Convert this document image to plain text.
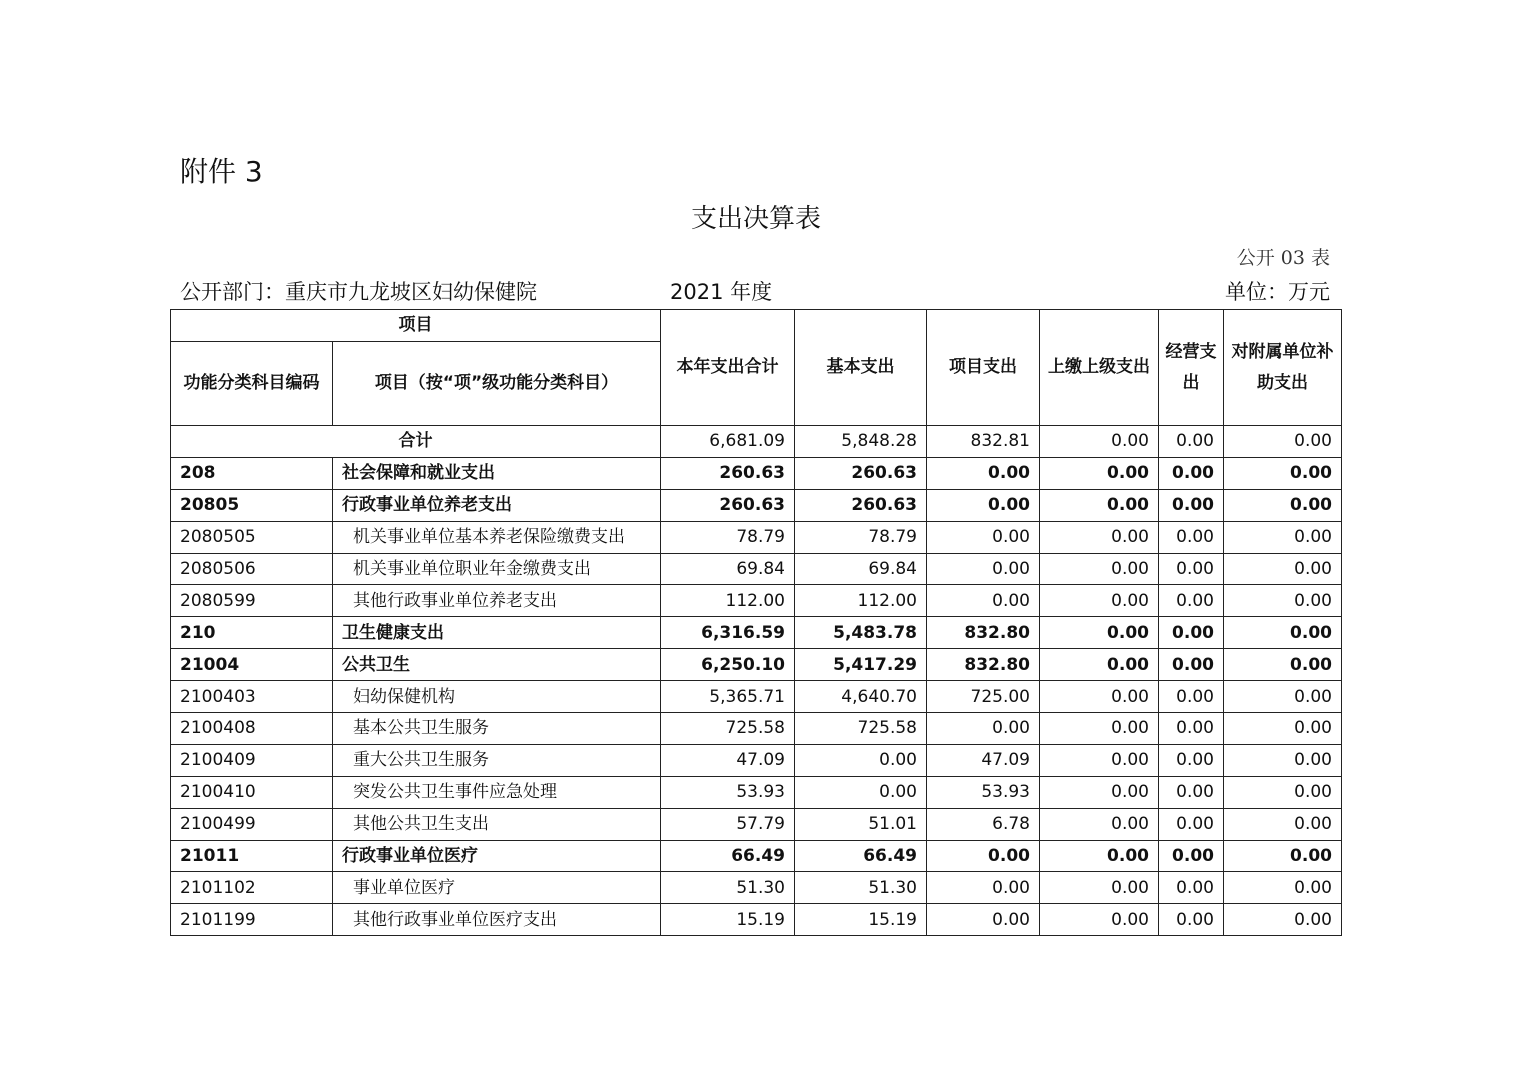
附件 3
支出决算表
公开 03 表
公开部门：重庆市九龙坡区妇幼保健院	2021 年度	单位：万元
项目		本年支出合计	基本支出	项目支出	上缴上级支出	经营支出	对附属单位补助支出
功能分类科目编码	项目（按“项”级功能分类科目）						
合计		6,681.09	5,848.28	832.81	0.00	0.00	0.00
208	社会保障和就业支出	260.63	260.63	0.00	0.00	0.00	0.00
20805	行政事业单位养老支出	260.63	260.63	0.00	0.00	0.00	0.00
2080505	机关事业单位基本养老保险缴费支出	78.79	78.79	0.00	0.00	0.00	0.00
2080506	机关事业单位职业年金缴费支出	69.84	69.84	0.00	0.00	0.00	0.00
2080599	其他行政事业单位养老支出	112.00	112.00	0.00	0.00	0.00	0.00
210	卫生健康支出	6,316.59	5,483.78	832.80	0.00	0.00	0.00
21004	公共卫生	6,250.10	5,417.29	832.80	0.00	0.00	0.00
2100403	妇幼保健机构	5,365.71	4,640.70	725.00	0.00	0.00	0.00
2100408	基本公共卫生服务	725.58	725.58	0.00	0.00	0.00	0.00
2100409	重大公共卫生服务	47.09	0.00	47.09	0.00	0.00	0.00
2100410	突发公共卫生事件应急处理	53.93	0.00	53.93	0.00	0.00	0.00
2100499	其他公共卫生支出	57.79	51.01	6.78	0.00	0.00	0.00
21011	行政事业单位医疗	66.49	66.49	0.00	0.00	0.00	0.00
2101102	事业单位医疗	51.30	51.30	0.00	0.00	0.00	0.00
2101199	其他行政事业单位医疗支出	15.19	15.19	0.00	0.00	0.00	0.00
